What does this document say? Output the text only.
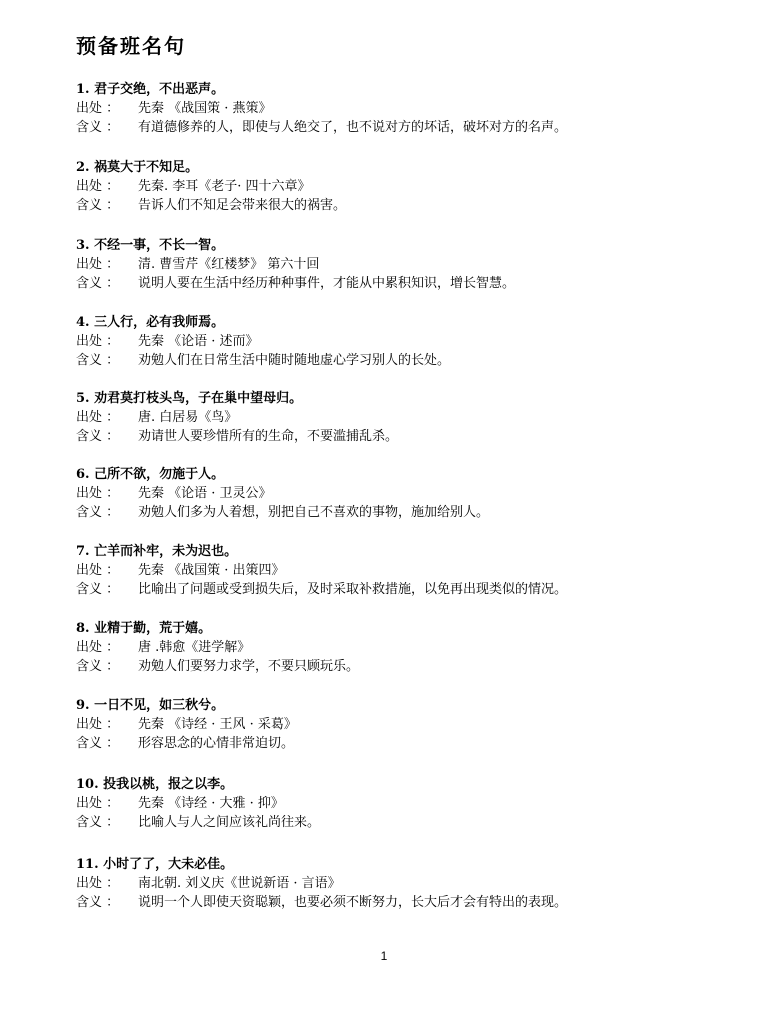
预备班名句
1. 君子交绝，不出恶声。
出处 ： 先秦 《战国策 · 燕策》
含义 ： 有道德修养的人，即使与人绝交了，也不说对方的坏话，破坏对方的名声。
2. 祸莫大于不知足。
出处 ： 先秦. 李耳《老子· 四十六章》
含义 ： 告诉人们不知足会带来很大的祸害。
3. 不经一事，不长一智。
出处 ： 清. 曹雪芹《红楼梦》 第六十回
含义 ： 说明人要在生活中经历种种事件，才能从中累积知识，增长智慧。
4. 三人行，必有我师焉。
出处 ： 先秦 《论语 · 述而》
含义 ： 劝勉人们在日常生活中随时随地虚心学习别人的长处。
5. 劝君莫打枝头鸟，子在巢中望母归。
出处 ： 唐. 白居易《鸟》
含义 ： 劝请世人要珍惜所有的生命，不要滥捕乱杀。
6. 己所不欲，勿施于人。
出处 ： 先秦 《论语 · 卫灵公》
含义 ： 劝勉人们多为人着想，别把自己不喜欢的事物，施加给别人。
7. 亡羊而补牢，未为迟也。
出处 ： 先秦 《战国策 · 出策四》
含义 ： 比喻出了问题或受到损失后，及时采取补救措施，以免再出现类似的情况。
8. 业精于勤，荒于嬉。
出处 ： 唐 .韩愈《进学解》
含义 ： 劝勉人们要努力求学，不要只顾玩乐。
9. 一日不见，如三秋兮。
出处 ： 先秦 《诗经 · 王风 · 采葛》
含义 ： 形容思念的心情非常迫切。
10. 投我以桃，报之以李。
出处 ： 先秦 《诗经 · 大雅 · 抑》
含义 ： 比喻人与人之间应该礼尚往来。
11. 小时了了，大未必佳。
出处 ： 南北朝. 刘义庆《世说新语 · 言语》
含义 ： 说明一个人即使天资聪颖，也要必须不断努力，长大后才会有特出的表现。
1
